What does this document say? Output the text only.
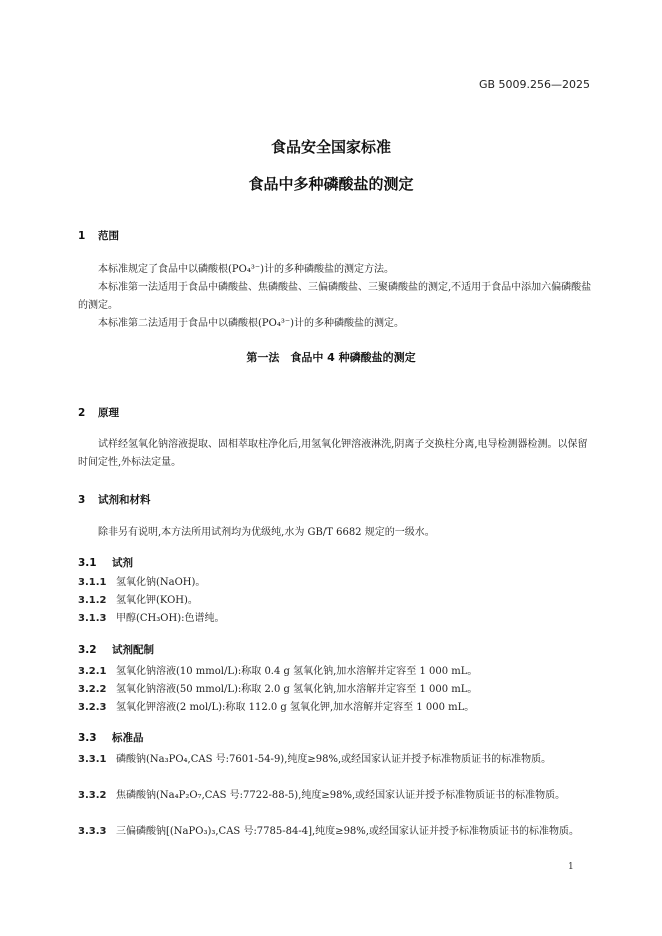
GB 5009.256—2025
食品安全国家标准
食品中多种磷酸盐的测定
1 范围

本标准规定了食品中以磷酸根(PO₄³⁻)计的多种磷酸盐的测定方法。

本标准第一法适用于食品中磷酸盐、焦磷酸盐、三偏磷酸盐、三聚磷酸盐的测定,不适用于食品中添加六偏磷酸盐的测定。

本标准第二法适用于食品中以磷酸根(PO₄³⁻)计的多种磷酸盐的测定。

第一法　食品中 4 种磷酸盐的测定
2 原理

试样经氢氧化钠溶液提取、固相萃取柱净化后,用氢氧化钾溶液淋洗,阴离子交换柱分离,电导检测器检测。以保留时间定性,外标法定量。

3 试剂和材料

除非另有说明,本方法所用试剂均为优级纯,水为 GB/T 6682 规定的一级水。

3.1 试剂
3.1.1 氢氧化钠(NaOH)。
3.1.2 氢氧化钾(KOH)。
3.1.3 甲醇(CH₃OH):色谱纯。
3.2 试剂配制
3.2.1 氢氧化钠溶液(10 mmol/L):称取 0.4 g 氢氧化钠,加水溶解并定容至 1 000 mL。
3.2.2 氢氧化钠溶液(50 mmol/L):称取 2.0 g 氢氧化钠,加水溶解并定容至 1 000 mL。
3.2.3 氢氧化钾溶液(2 mol/L):称取 112.0 g 氢氧化钾,加水溶解并定容至 1 000 mL。
3.3 标准品
3.3.1 磷酸钠(Na₃PO₄,CAS 号:7601-54-9),纯度≥98%,或经国家认证并授予标准物质证书的标准物质。
3.3.2 焦磷酸钠(Na₄P₂O₇,CAS 号:7722-88-5),纯度≥98%,或经国家认证并授予标准物质证书的标准物质。
3.3.3 三偏磷酸钠[(NaPO₃)₃,CAS 号:7785-84-4],纯度≥98%,或经国家认证并授予标准物质证书的标准物质。
1
